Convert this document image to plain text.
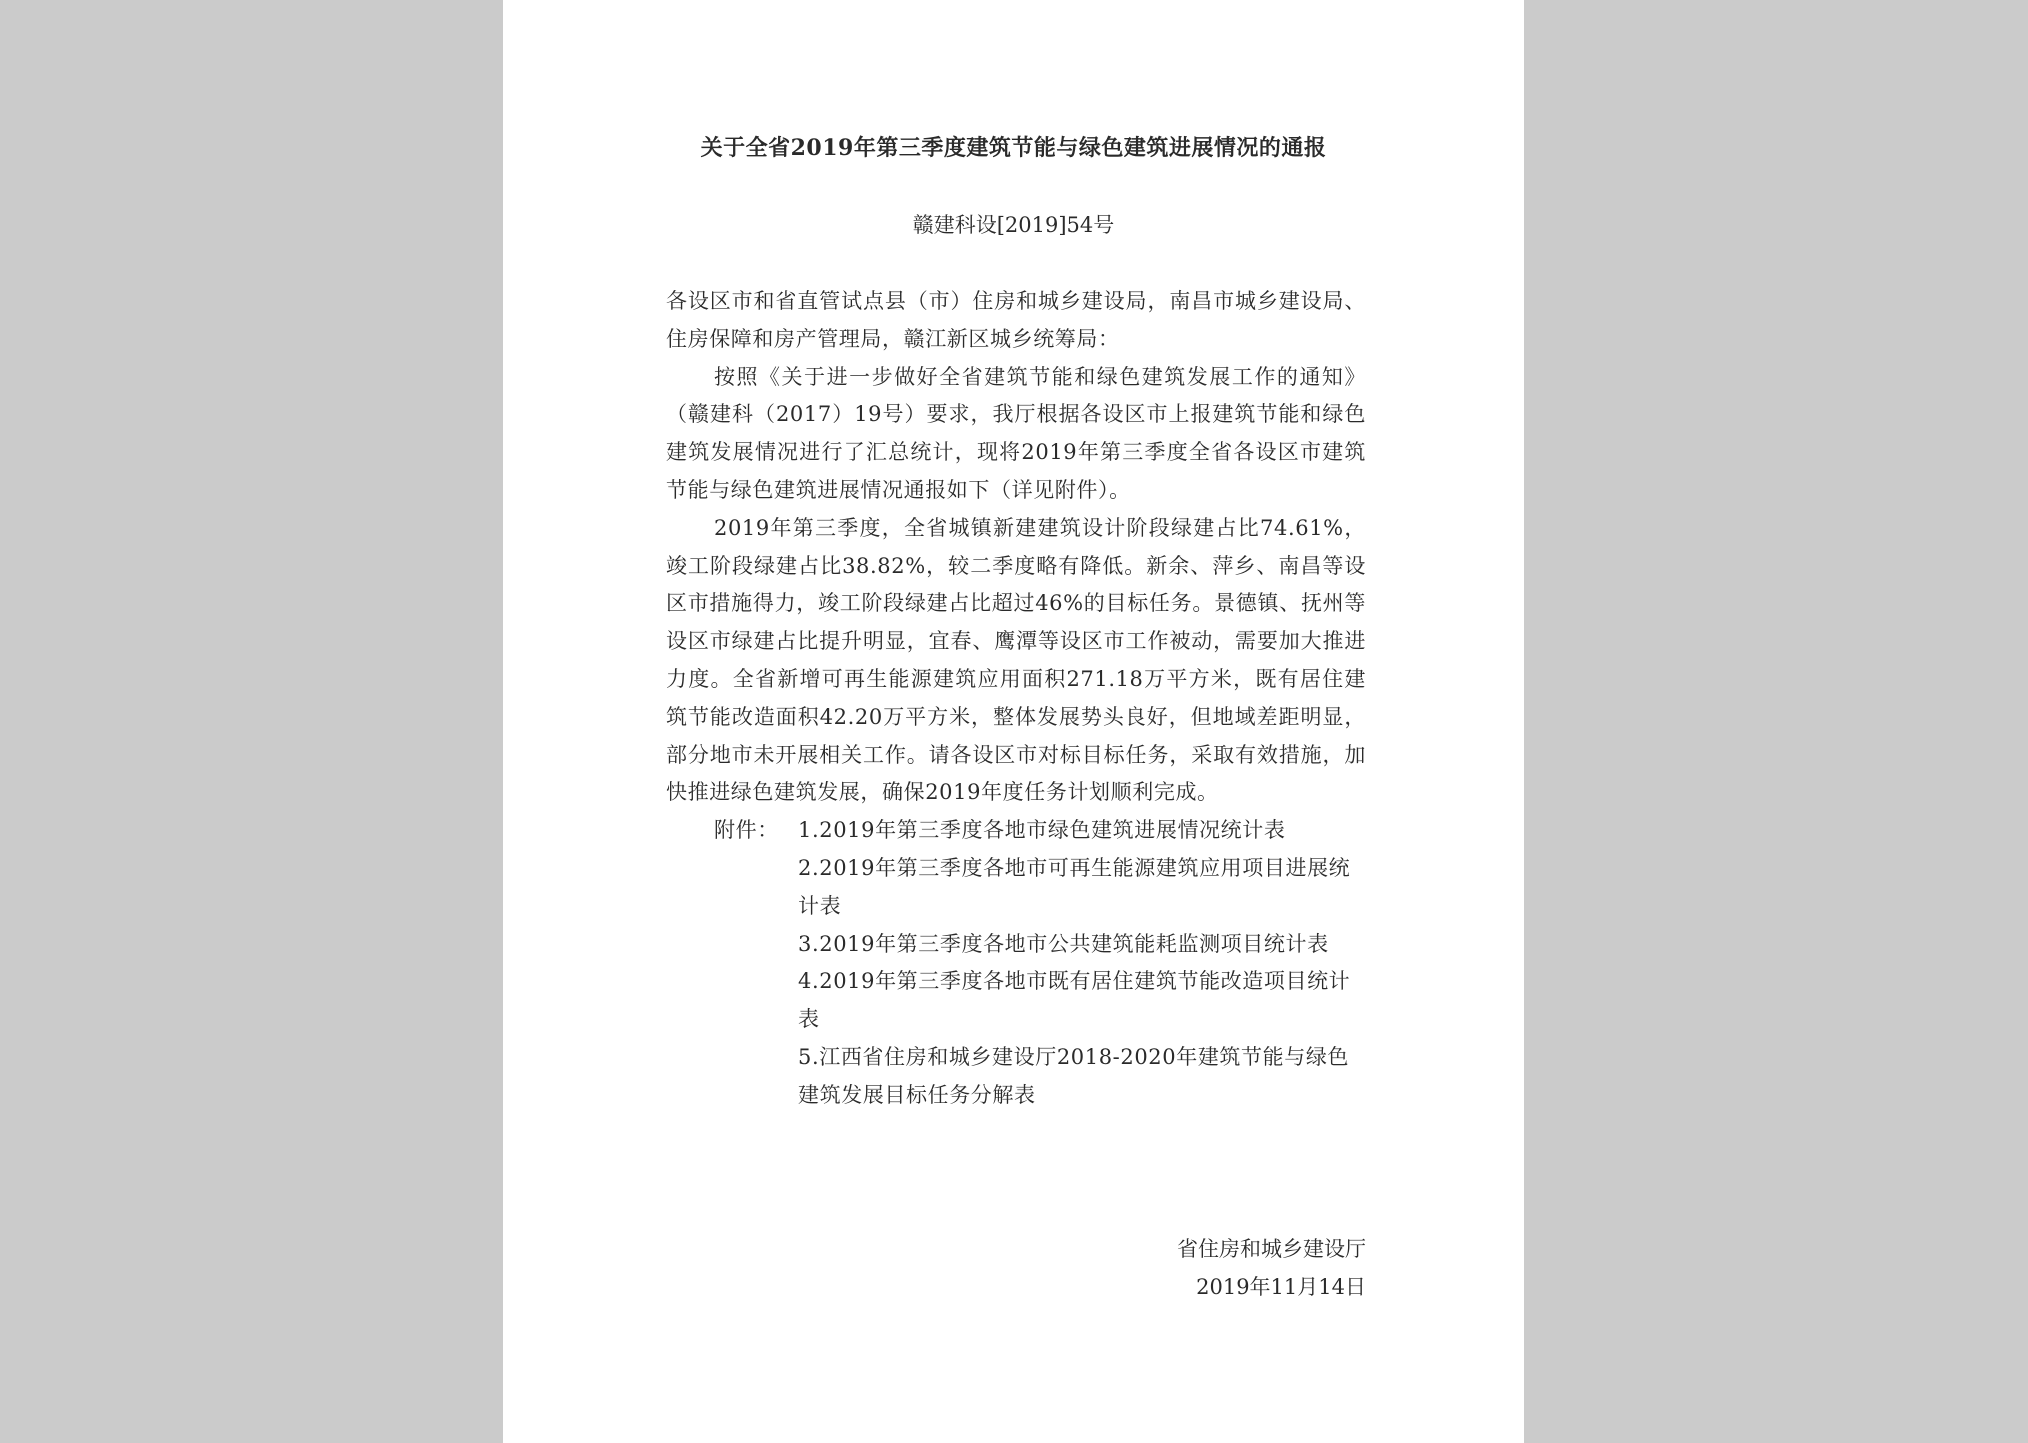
关于全省2019年第三季度建筑节能与绿色建筑进展情况的通报
赣建科设[2019]54号

各设区市和省直管试点县（市）住房和城乡建设局，南昌市城乡建设局、住房保障和房产管理局，赣江新区城乡统筹局：

按照《关于进一步做好全省建筑节能和绿色建筑发展工作的通知》（赣建科（2017）19号）要求，我厅根据各设区市上报建筑节能和绿色建筑发展情况进行了汇总统计，现将2019年第三季度全省各设区市建筑节能与绿色建筑进展情况通报如下（详见附件）。

2019年第三季度，全省城镇新建建筑设计阶段绿建占比74.61%，竣工阶段绿建占比38.82%，较二季度略有降低。新余、萍乡、南昌等设区市措施得力，竣工阶段绿建占比超过46%的目标任务。景德镇、抚州等设区市绿建占比提升明显，宜春、鹰潭等设区市工作被动，需要加大推进力度。全省新增可再生能源建筑应用面积271.18万平方米，既有居住建筑节能改造面积42.20万平方米，整体发展势头良好，但地域差距明显，部分地市未开展相关工作。请各设区市对标目标任务，采取有效措施，加快推进绿色建筑发展，确保2019年度任务计划顺利完成。

附件： 1.2019年第三季度各地市绿色建筑进展情况统计表
2.2019年第三季度各地市可再生能源建筑应用项目进展统计表
3.2019年第三季度各地市公共建筑能耗监测项目统计表
4.2019年第三季度各地市既有居住建筑节能改造项目统计表
5.江西省住房和城乡建设厅2018-2020年建筑节能与绿色建筑发展目标任务分解表
省住房和城乡建设厅
2019年11月14日
